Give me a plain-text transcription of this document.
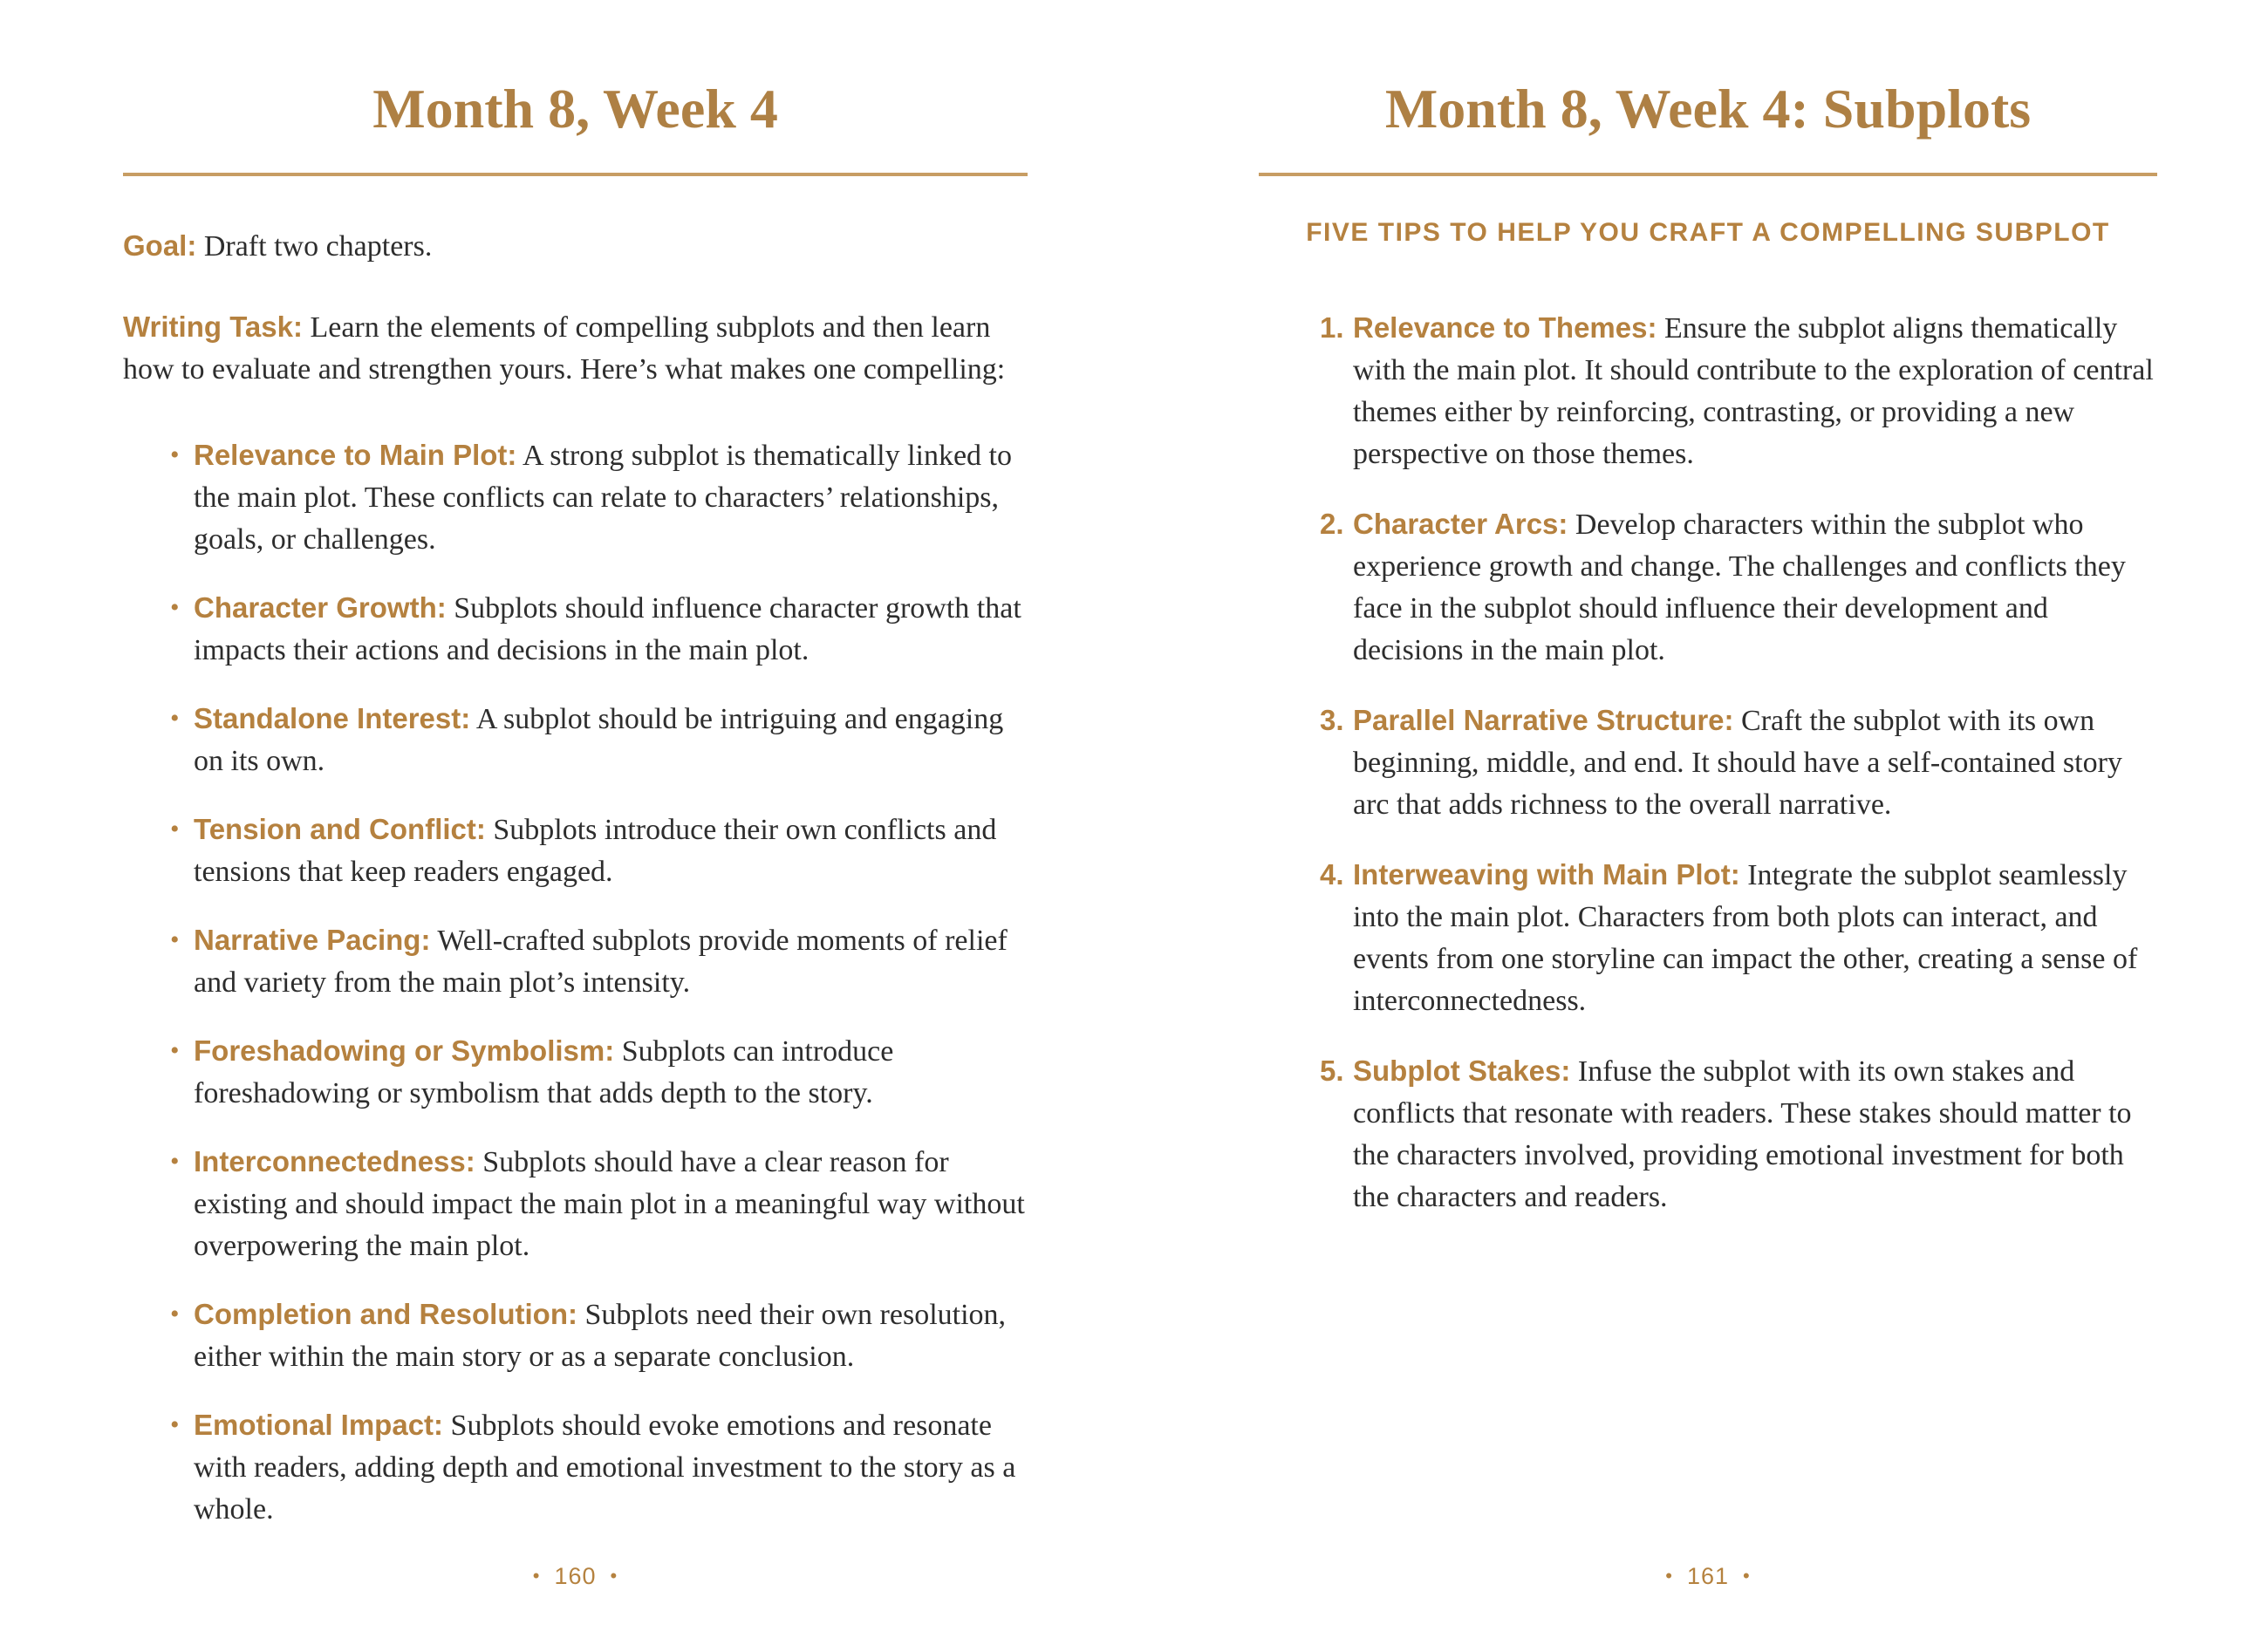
Month 8, Week 4

Goal: Draft two chapters.

Writing Task: Learn the elements of compelling subplots and then learn how to evaluate and strengthen yours. Here’s what makes one compelling:

• Relevance to Main Plot: A strong subplot is thematically linked to the main plot. These conflicts can relate to characters’ relationships, goals, or challenges.
• Character Growth: Subplots should influence character growth that impacts their actions and decisions in the main plot.
• Standalone Interest: A subplot should be intriguing and engaging on its own.
• Tension and Conflict: Subplots introduce their own conflicts and tensions that keep readers engaged.
• Narrative Pacing: Well-crafted subplots provide moments of relief and variety from the main plot’s intensity.
• Foreshadowing or Symbolism: Subplots can introduce foreshadowing or symbolism that adds depth to the story.
• Interconnectedness: Subplots should have a clear reason for existing and should impact the main plot in a meaningful way without overpowering the main plot.
• Completion and Resolution: Subplots need their own resolution, either within the main story or as a separate conclusion.
• Emotional Impact: Subplots should evoke emotions and resonate with readers, adding depth and emotional investment to the story as a whole.
• 160 •
Month 8, Week 4: Subplots
FIVE TIPS TO HELP YOU CRAFT A COMPELLING SUBPLOT
1. Relevance to Themes: Ensure the subplot aligns thematically with the main plot. It should contribute to the exploration of central themes either by reinforcing, contrasting, or providing a new perspective on those themes.
2. Character Arcs: Develop characters within the subplot who experience growth and change. The challenges and conflicts they face in the subplot should influence their development and decisions in the main plot.
3. Parallel Narrative Structure: Craft the subplot with its own beginning, middle, and end. It should have a self-contained story arc that adds richness to the overall narrative.
4. Interweaving with Main Plot: Integrate the subplot seamlessly into the main plot. Characters from both plots can interact, and events from one storyline can impact the other, creating a sense of interconnectedness.
5. Subplot Stakes: Infuse the subplot with its own stakes and conflicts that resonate with readers. These stakes should matter to the characters involved, providing emotional investment for both the characters and readers.
• 161 •
